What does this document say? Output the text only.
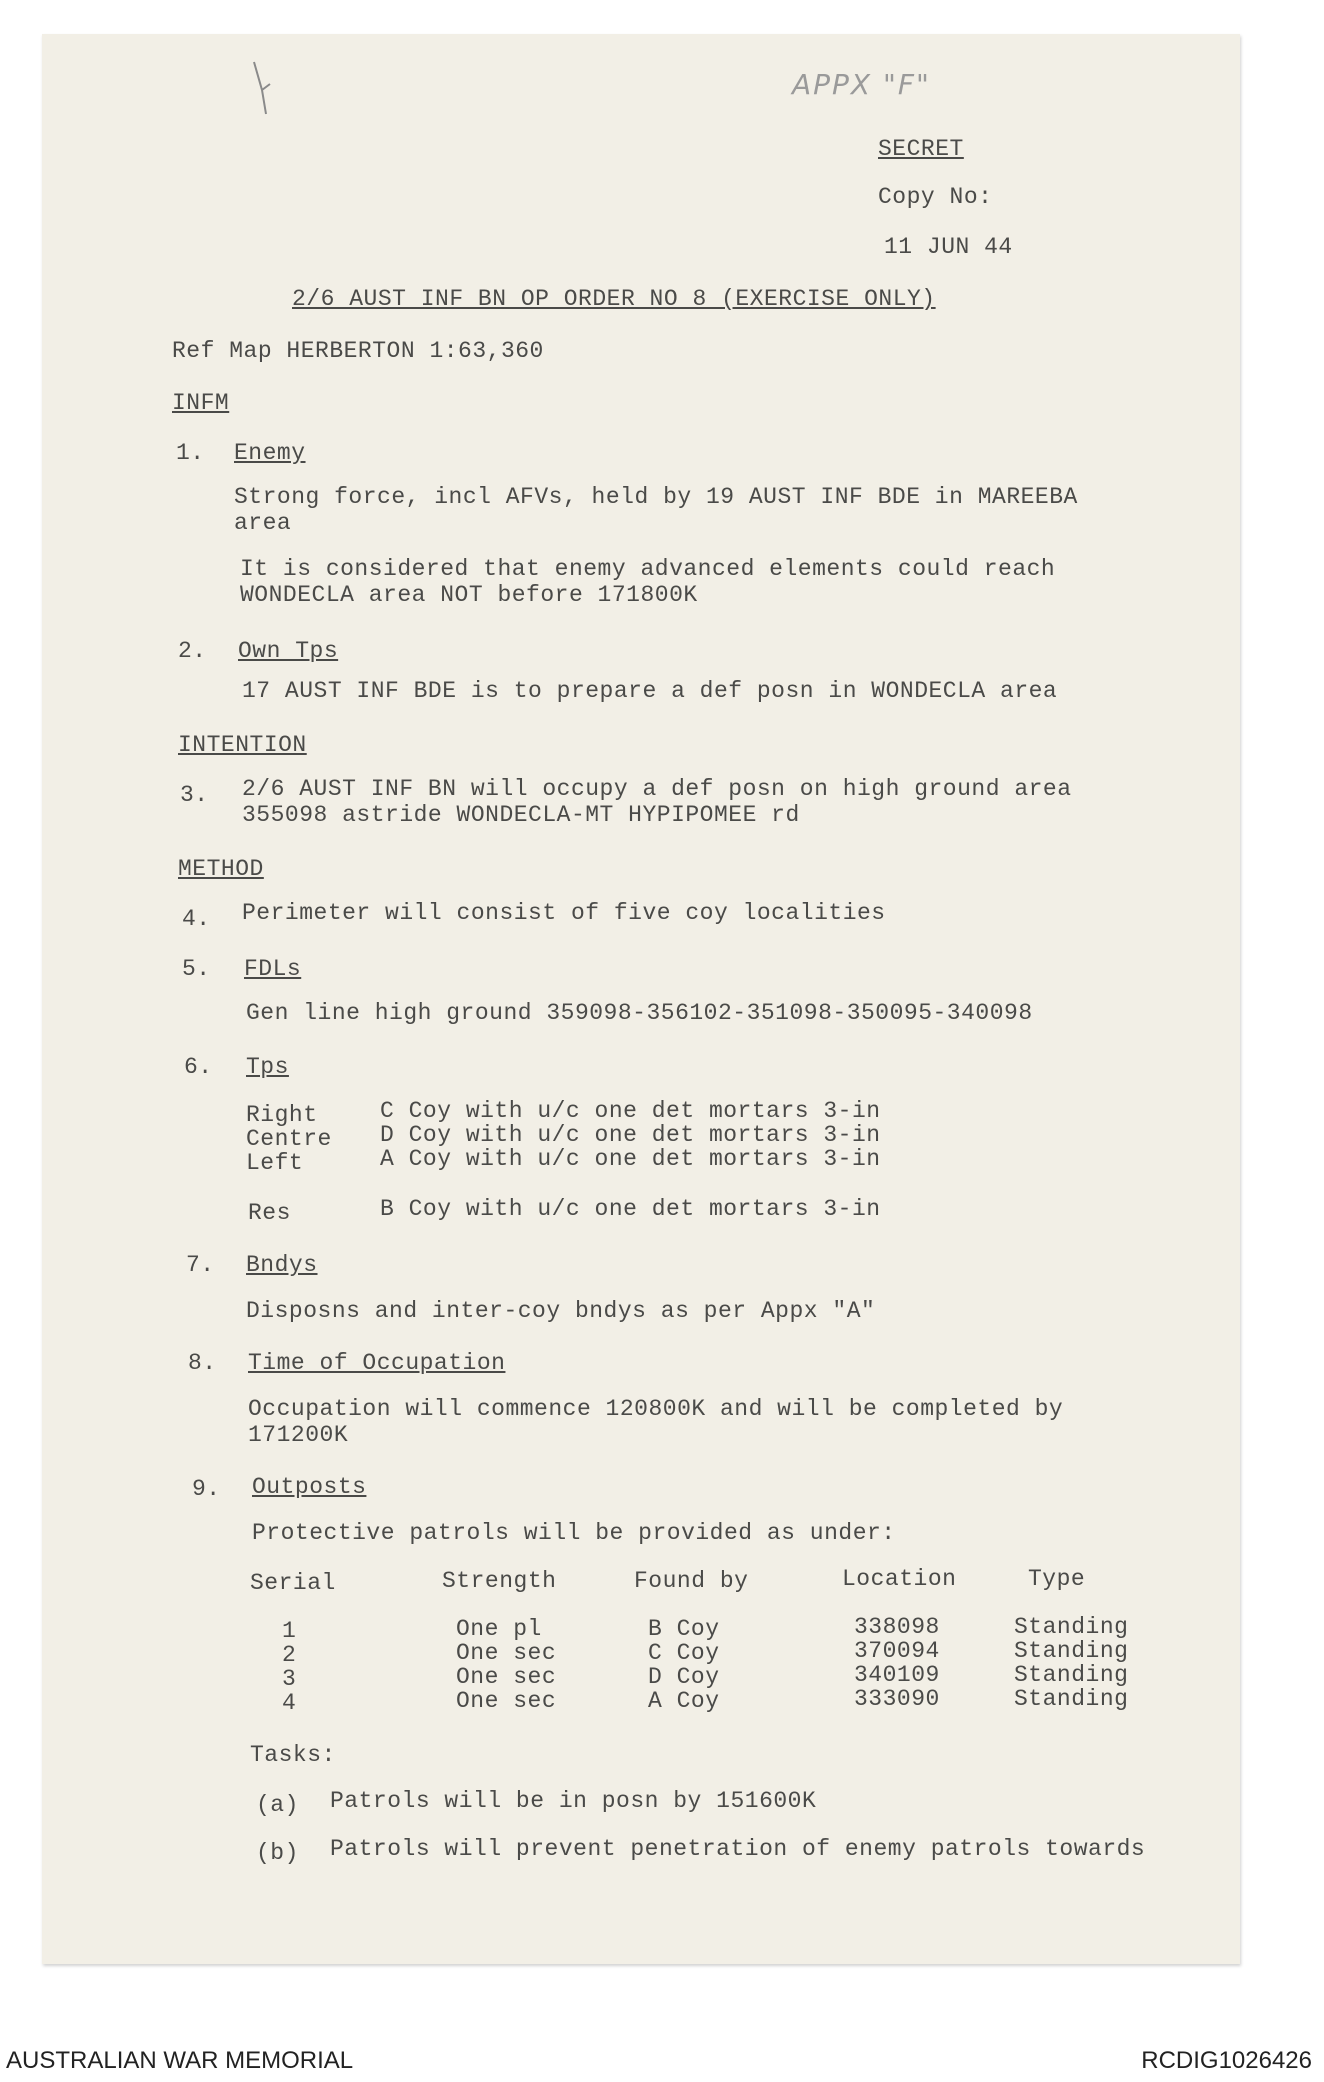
APPX "F"
SECRET
Copy No:
11 JUN 44
2/6 AUST INF BN OP ORDER NO 8 (EXERCISE ONLY)
Ref Map HERBERTON 1:63,360
INFM
1. Enemy
Strong force, incl AFVs, held by 19 AUST INF BDE in MAREEBA
area
It is considered that enemy advanced elements could reach
WONDECLA area NOT before 171800K
2. Own Tps
17 AUST INF BDE is to prepare a def posn in WONDECLA area
INTENTION
3. 2/6 AUST INF BN will occupy a def posn on high ground area
355098 astride WONDECLA-MT HYPIPOMEE rd
METHOD
4. Perimeter will consist of five coy localities
5. FDLs
Gen line high ground 359098-356102-351098-350095-340098
6. Tps
Right	C Coy with u/c one det mortars 3-in
Centre D Coy with u/c one det mortars 3-in
Left	A Coy with u/c one det mortars 3-in
Res	B Coy with u/c one det mortars 3-in
7. Bndys
Disposns and inter-coy bndys as per Appx "A"
8. Time of Occupation
Occupation will commence 120800K and will be completed by
171200K
9. Outposts
Protective patrols will be provided as under:
Serial	Strength	Found by	Location	Type
1	One pl	B Coy	338098	Standing
2	One sec	C Coy	370094	Standing
3	One sec	D Coy	340109	Standing
4	One sec	A Coy	333090	Standing
Tasks:
(a) Patrols will be in posn by 151600K
(b) Patrols will prevent penetration of enemy patrols towards
AUSTRALIAN WAR MEMORIAL	RCDIG1026426
